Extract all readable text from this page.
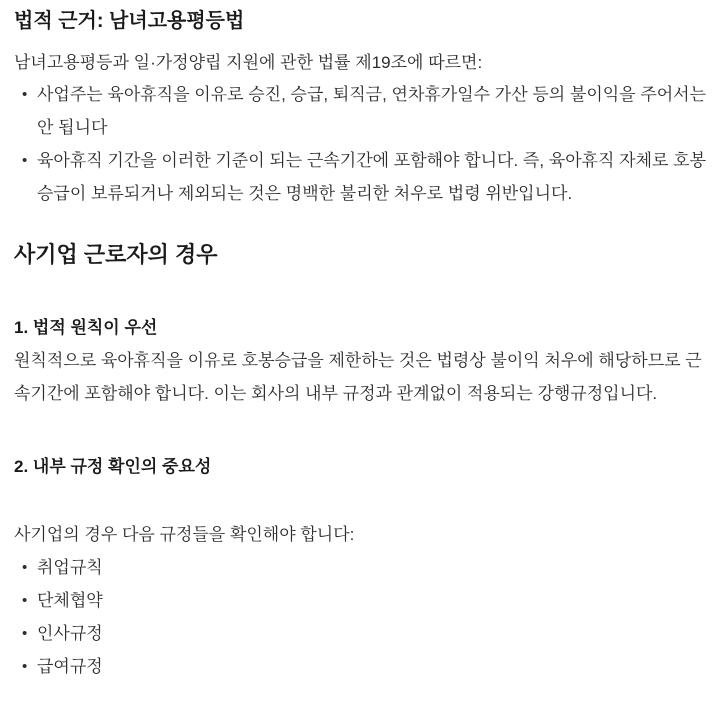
법적 근거: 남녀고용평등법

남녀고용평등과 일·가정양립 지원에 관한 법률 제19조에 따르면:

• 사업주는 육아휴직을 이유로 승진, 승급, 퇴직금, 연차휴가일수 가산 등의 불이익을 주어서는 안 됩니다
• 육아휴직 기간을 이러한 기준이 되는 근속기간에 포함해야 합니다. 즉, 육아휴직 자체로 호봉승급이 보류되거나 제외되는 것은 명백한 불리한 처우로 법령 위반입니다.
사기업 근로자의 경우
1. 법적 원칙이 우선

원칙적으로 육아휴직을 이유로 호봉승급을 제한하는 것은 법령상 불이익 처우에 해당하므로 근속기간에 포함해야 합니다. 이는 회사의 내부 규정과 관계없이 적용되는 강행규정입니다.

2. 내부 규정 확인의 중요성

사기업의 경우 다음 규정들을 확인해야 합니다:

• 취업규칙
• 단체협약
• 인사규정
• 급여규정
